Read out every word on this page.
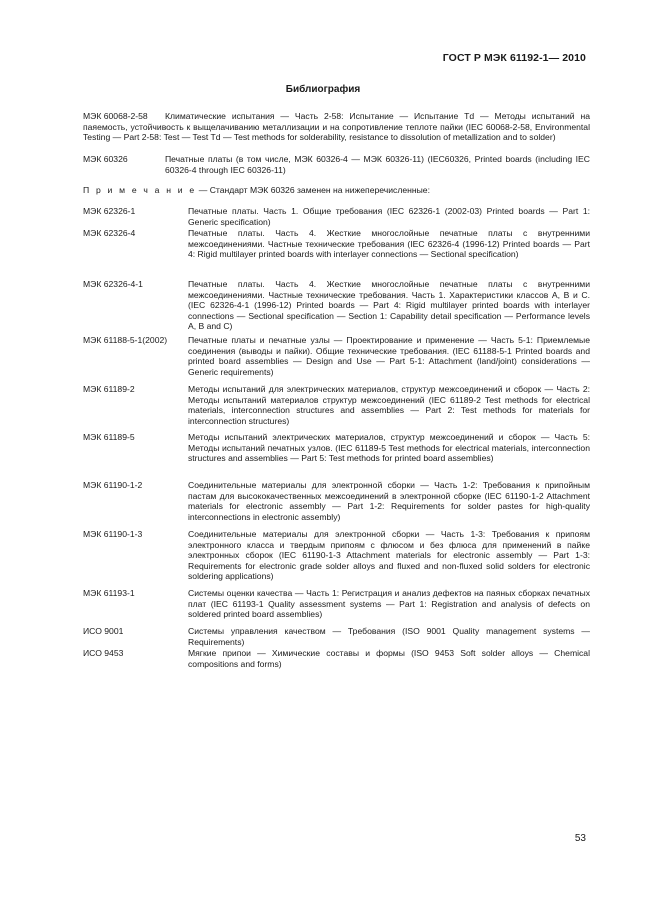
ГОСТ Р МЭК 61192-1— 2010
Библиография
МЭК 60068-2-58	Климатические испытания — Часть 2-58: Испытание — Испытание Td — Методы испытаний на паяемость, устойчивость к выщелачиванию металлизации и на сопротивление теплоте пайки (IEC 60068-2-58, Environmental Testing — Part 2-58: Test — Test Td — Test methods for solderability, resistance to dissolution of metallization and to solder)
МЭК 60326	Печатные платы (в том числе, МЭК 60326-4 — МЭК 60326-11) (IEC60326, Printed boards (including IEC 60326-4 through IEC 60326-11)
П р и м е ч а н и е — Стандарт МЭК 60326 заменен на нижеперечисленные:
МЭК 62326-1	Печатные платы. Часть 1. Общие требования (IEC 62326-1 (2002-03) Printed boards — Part 1: Generic specification)
МЭК 62326-4	Печатные платы. Часть 4. Жесткие многослойные печатные платы с внутренними межсоединениями. Частные технические требования (IEC 62326-4 (1996-12) Printed boards — Part 4: Rigid multilayer printed boards with interlayer connections — Sectional specification)
МЭК 62326-4-1	Печатные платы. Часть 4. Жесткие многослойные печатные платы с внутренними межсоединениями. Частные технические требования. Часть 1. Характеристики классов А, В и С. (IEC 62326-4-1 (1996-12) Printed boards — Part 4: Rigid multilayer printed boards with interlayer connections — Sectional specification — Section 1: Capability detail specification — Performance levels A, B and C)
МЭК 61188-5-1(2002)	Печатные платы и печатные узлы — Проектирование и применение — Часть 5-1: Приемлемые соединения (выводы и пайки). Общие технические требования. (IEC 61188-5-1 Printed boards and printed board assemblies — Design and Use — Part 5-1: Attachment (land/joint) considerations — Generic requirements)
МЭК 61189-2	Методы испытаний для электрических материалов, структур межсоединений и сборок — Часть 2: Методы испытаний материалов структур межсоединений (IEC 61189-2 Test methods for electrical materials, interconnection structures and assemblies — Part 2: Test methods for materials for interconnection structures)
МЭК 61189-5	Методы испытаний электрических материалов, структур межсоединений и сборок — Часть 5: Методы испытаний печатных узлов. (IEC 61189-5 Test methods for electrical materials, interconnection structures and assemblies — Part 5: Test methods for printed board assemblies)
МЭК 61190-1-2	Соединительные материалы для электронной сборки — Часть 1-2: Требования к припойным пастам для высококачественных межсоединений в электронной сборке (IEC 61190-1-2 Attachment materials for electronic assembly — Part 1-2: Requirements for solder pastes for high-quality interconnections in electronic assembly)
МЭК 61190-1-3	Соединительные материалы для электронной сборки — Часть 1-3: Требования к припоям электронного класса и твердым припоям с флюсом и без флюса для применений в пайке электронных сборок (IEC 61190-1-3 Attachment materials for electronic assembly — Part 1-3: Requirements for electronic grade solder alloys and fluxed and non-fluxed solid solders for electronic soldering applications)
МЭК 61193-1	Системы оценки качества — Часть 1: Регистрация и анализ дефектов на паяных сборках печатных плат (IEC 61193-1 Quality assessment systems — Part 1: Registration and analysis of defects on soldered printed board assemblies)
ИСО 9001	Системы управления качеством — Требования (ISO 9001 Quality management systems — Requirements)
ИСО 9453	Мягкие припои — Химические составы и формы (ISO 9453 Soft solder alloys — Chemical compositions and forms)
53
